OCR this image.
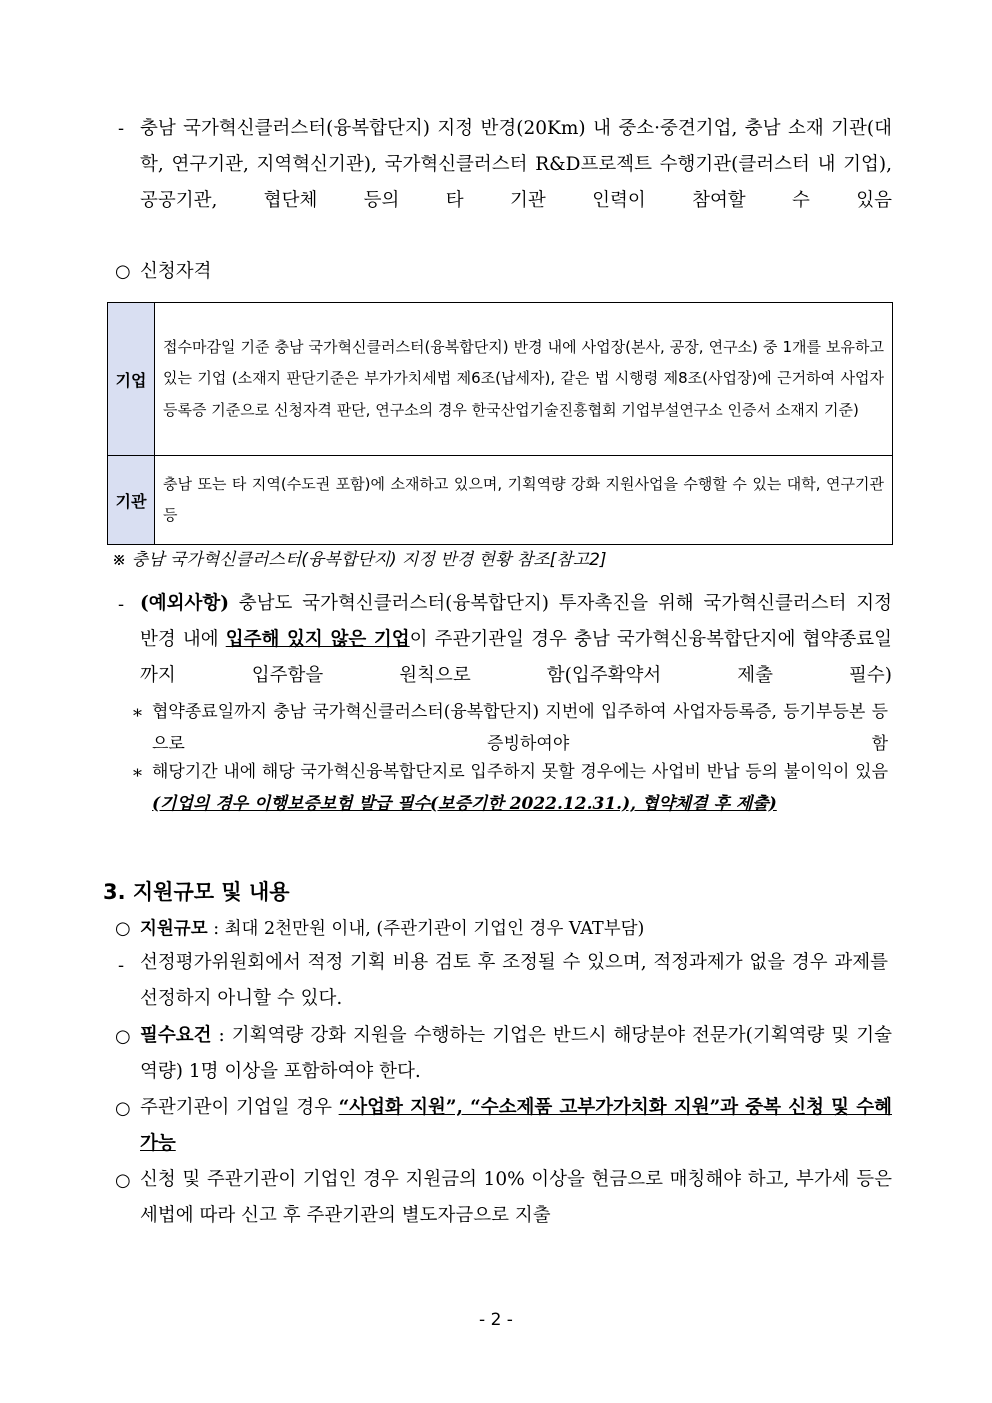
- 충남 국가혁신클러스터(융복합단지) 지정 반경(20Km) 내 중소·중견기업, 충남 소재 기관(대학, 연구기관, 지역혁신기관), 국가혁신클러스터 R&D프로젝트 수행기관(클러스터 내 기업), 공공기관, 협단체 등의 타 기관 인력이 참여할 수 있음
○ 신청자격
기업	접수마감일 기준 충남 국가혁신클러스터(융복합단지) 반경 내에 사업장(본사, 공장, 연구소) 중 1개를 보유하고 있는 기업 (소재지 판단기준은 부가가치세법 제6조(납세자), 같은 법 시행령 제8조(사업장)에 근거하여 사업자등록증 기준으로 신청자격 판단, 연구소의 경우 한국산업기술진흥협회 기업부설연구소 인증서 소재지 기준)
기관	충남 또는 타 지역(수도권 포함)에 소재하고 있으며, 기획역량 강화 지원사업을 수행할 수 있는 대학, 연구기관 등
※ 충남 국가혁신클러스터(융복합단지) 지정 반경 현황 참조[참고2]
- (예외사항) 충남도 국가혁신클러스터(융복합단지) 투자촉진을 위해 국가혁신클러스터 지정 반경 내에 입주해 있지 않은 기업이 주관기관일 경우 충남 국가혁신융복합단지에 협약종료일까지 입주함을 원칙으로 함(입주확약서 제출 필수)
* 협약종료일까지 충남 국가혁신클러스터(융복합단지) 지번에 입주하여 사업자등록증, 등기부등본 등으로 증빙하여야 함
* 해당기간 내에 해당 국가혁신융복합단지로 입주하지 못할 경우에는 사업비 반납 등의 불이익이 있음(기업의 경우 이행보증보험 발급 필수(보증기한 2022.12.31.), 협약체결 후 제출)
3. 지원규모 및 내용
○ 지원규모 : 최대 2천만원 이내, (주관기관이 기업인 경우 VAT부담)
- 선정평가위원회에서 적정 기획 비용 검토 후 조정될 수 있으며, 적정과제가 없을 경우 과제를 선정하지 아니할 수 있다.
○ 필수요건 : 기획역량 강화 지원을 수행하는 기업은 반드시 해당분야 전문가(기획역량 및 기술역량) 1명 이상을 포함하여야 한다.
○ 주관기관이 기업일 경우 “사업화 지원”, “수소제품 고부가가치화 지원”과 중복 신청 및 수혜 가능
○ 신청 및 주관기관이 기업인 경우 지원금의 10% 이상을 현금으로 매칭해야 하고, 부가세 등은 세법에 따라 신고 후 주관기관의 별도자금으로 지출
- 2 -
